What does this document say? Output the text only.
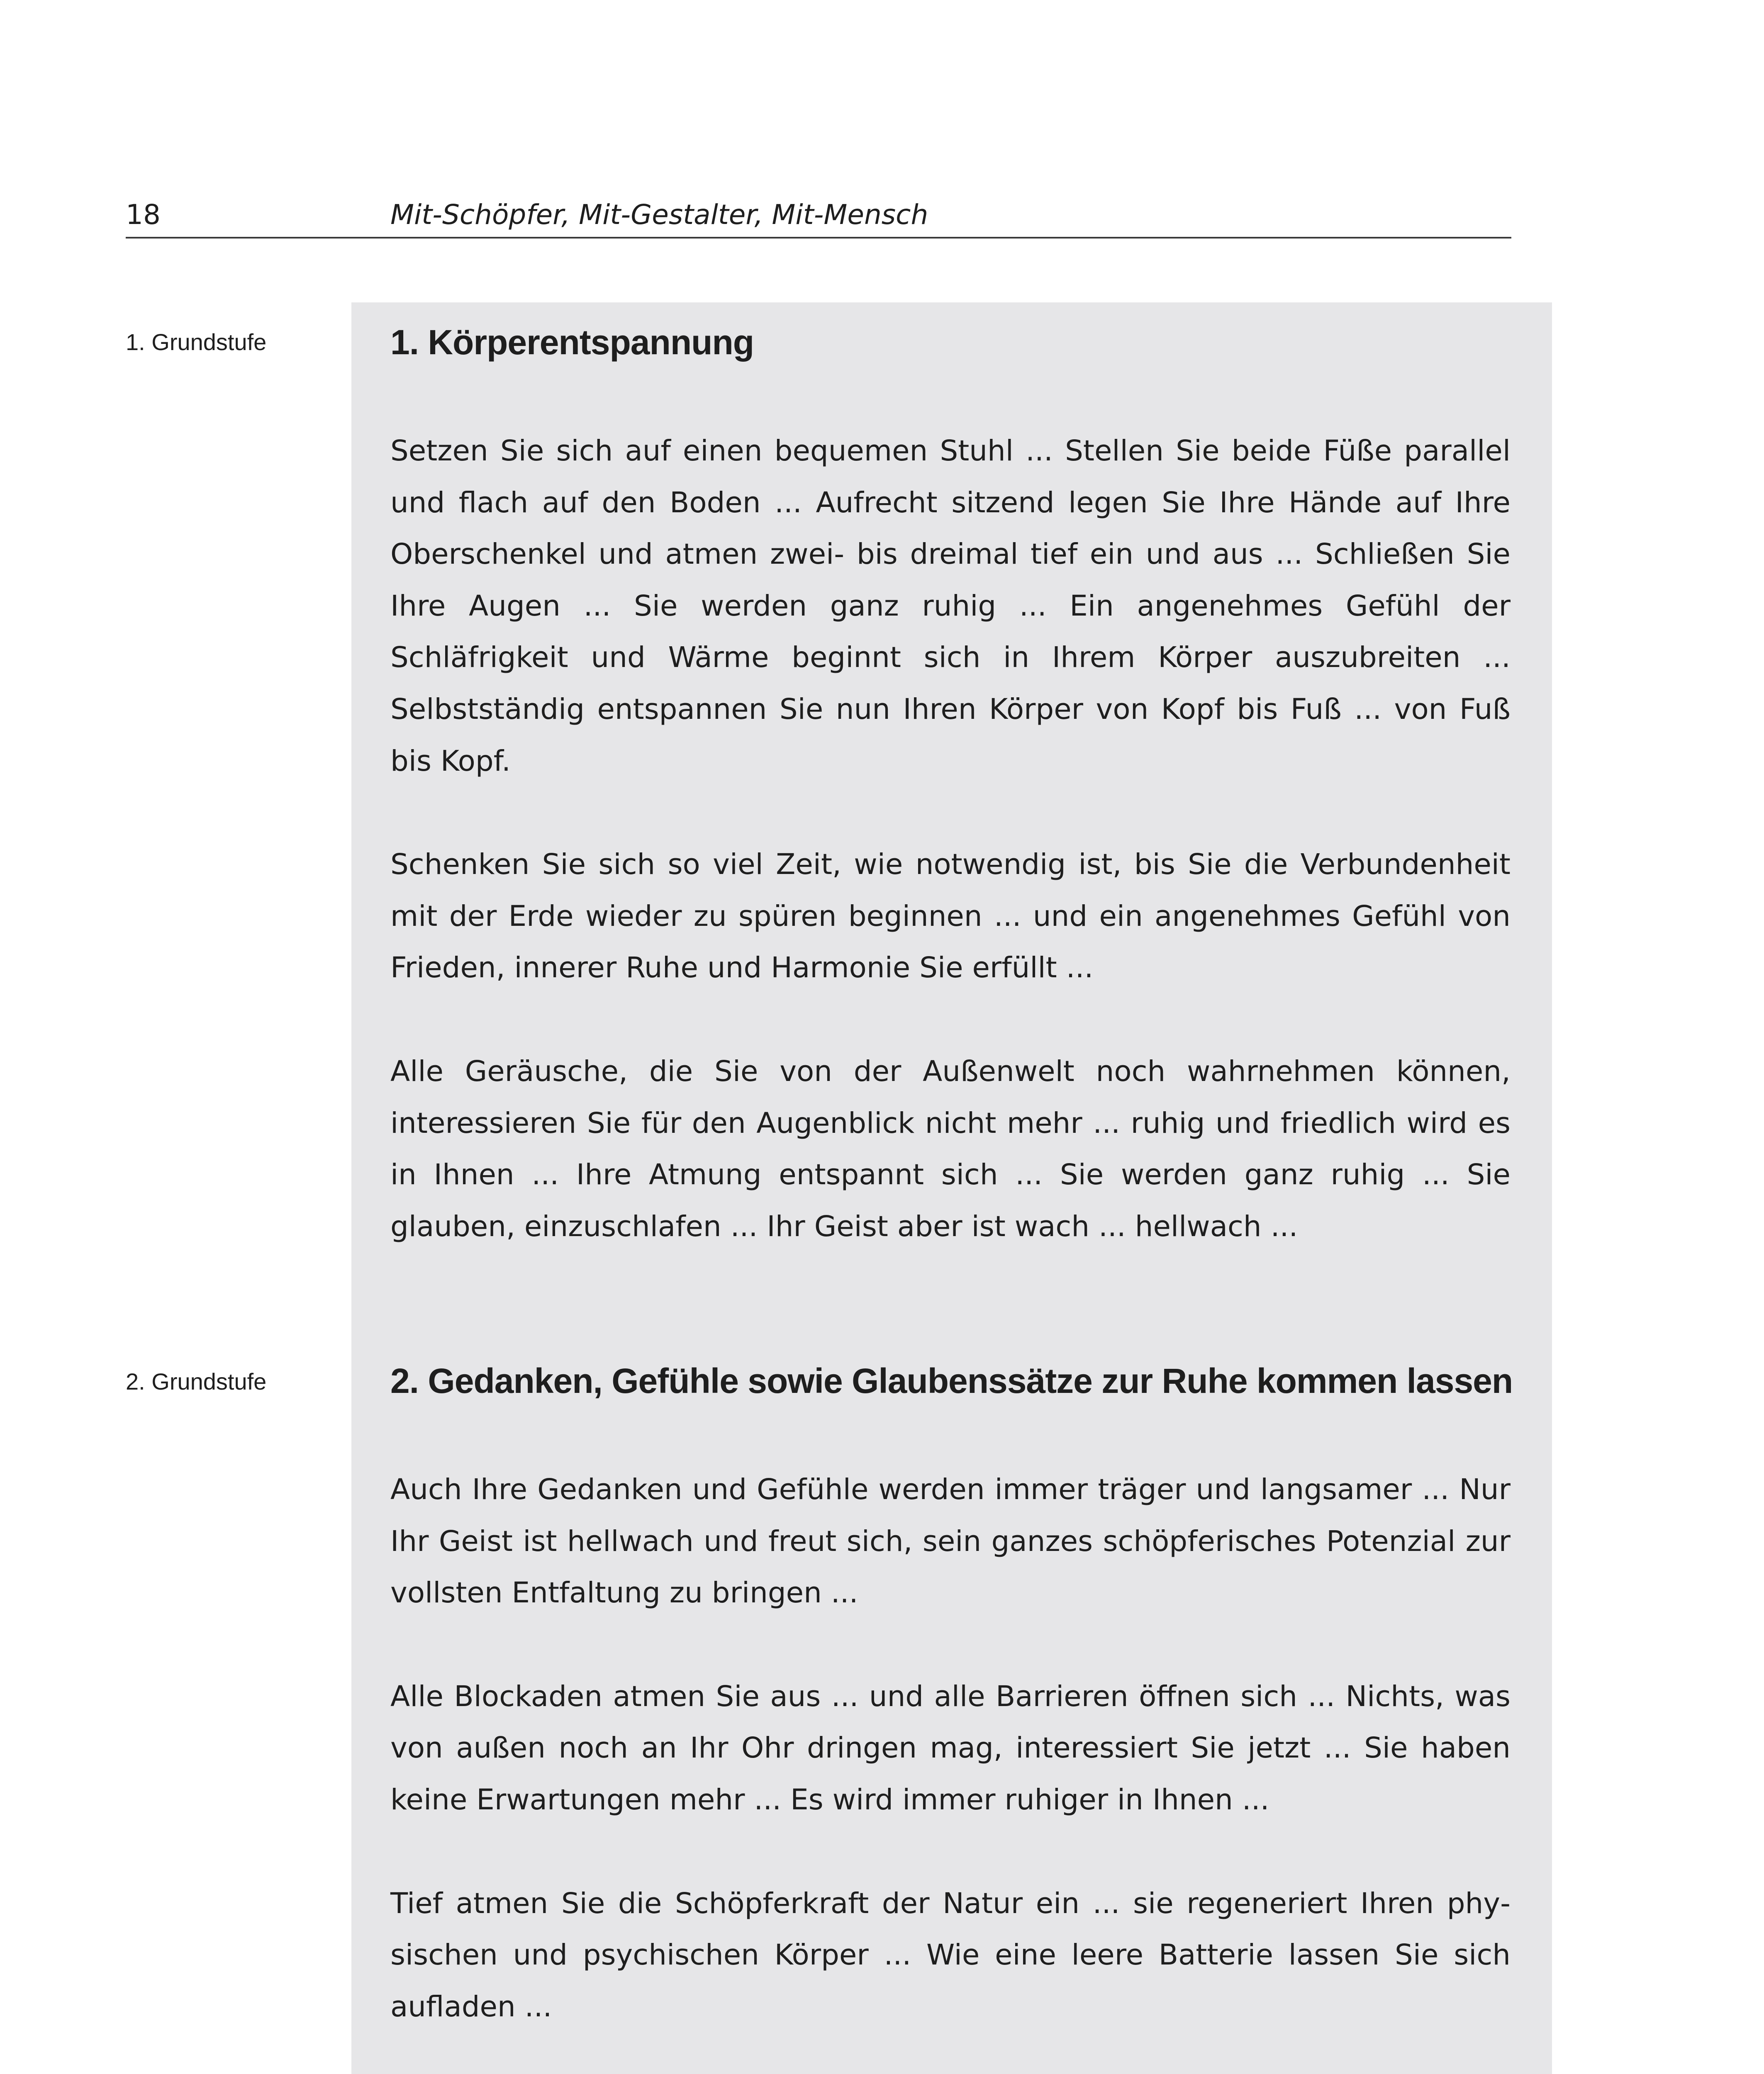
18	Mit-Schöpfer, Mit-Gestalter, Mit-Mensch
1. Grundstufe
2. Grundstufe
1. Körperentspannung

Setzen Sie sich auf einen bequemen Stuhl ... Stellen Sie beide Füße parallel und flach auf den Boden ... Aufrecht sitzend legen Sie Ihre Hände auf Ihre Oberschenkel und atmen zwei- bis dreimal tief ein und aus ... Schließen Sie Ihre Augen ... Sie werden ganz ruhig ... Ein angenehmes Gefühl der Schläfrigkeit und Wärme beginnt sich in Ihrem Körper auszubreiten ... Selbstständig entspannen Sie nun Ihren Körper von Kopf bis Fuß ... von Fuß bis Kopf.

Schenken Sie sich so viel Zeit, wie notwendig ist, bis Sie die Verbundenheit mit der Erde wieder zu spüren beginnen ... und ein angenehmes Gefühl von Frieden, innerer Ruhe und Harmonie Sie erfüllt ...

Alle Geräusche, die Sie von der Außenwelt noch wahrnehmen können, interessieren Sie für den Augenblick nicht mehr ... ruhig und friedlich wird es in Ihnen ... Ihre Atmung entspannt sich ... Sie werden ganz ruhig ... Sie glauben, einzuschlafen ... Ihr Geist aber ist wach ... hellwach ...

2. Gedanken, Gefühle sowie Glaubenssätze zur Ruhe kommen lassen

Auch Ihre Gedanken und Gefühle werden immer träger und langsamer ... Nur Ihr Geist ist hellwach und freut sich, sein ganzes schöpferisches Potenzial zur vollsten Entfaltung zu bringen ...

Alle Blockaden atmen Sie aus ... und alle Barrieren öffnen sich ... Nichts, was von außen noch an Ihr Ohr dringen mag, interessiert Sie jetzt ... Sie haben keine Erwartungen mehr ... Es wird immer ruhiger in Ihnen ...

Tief atmen Sie die Schöpferkraft der Natur ein ... sie regeneriert Ihren physischen und psychischen Körper ... Wie eine leere Batterie lassen Sie sich aufladen ...
